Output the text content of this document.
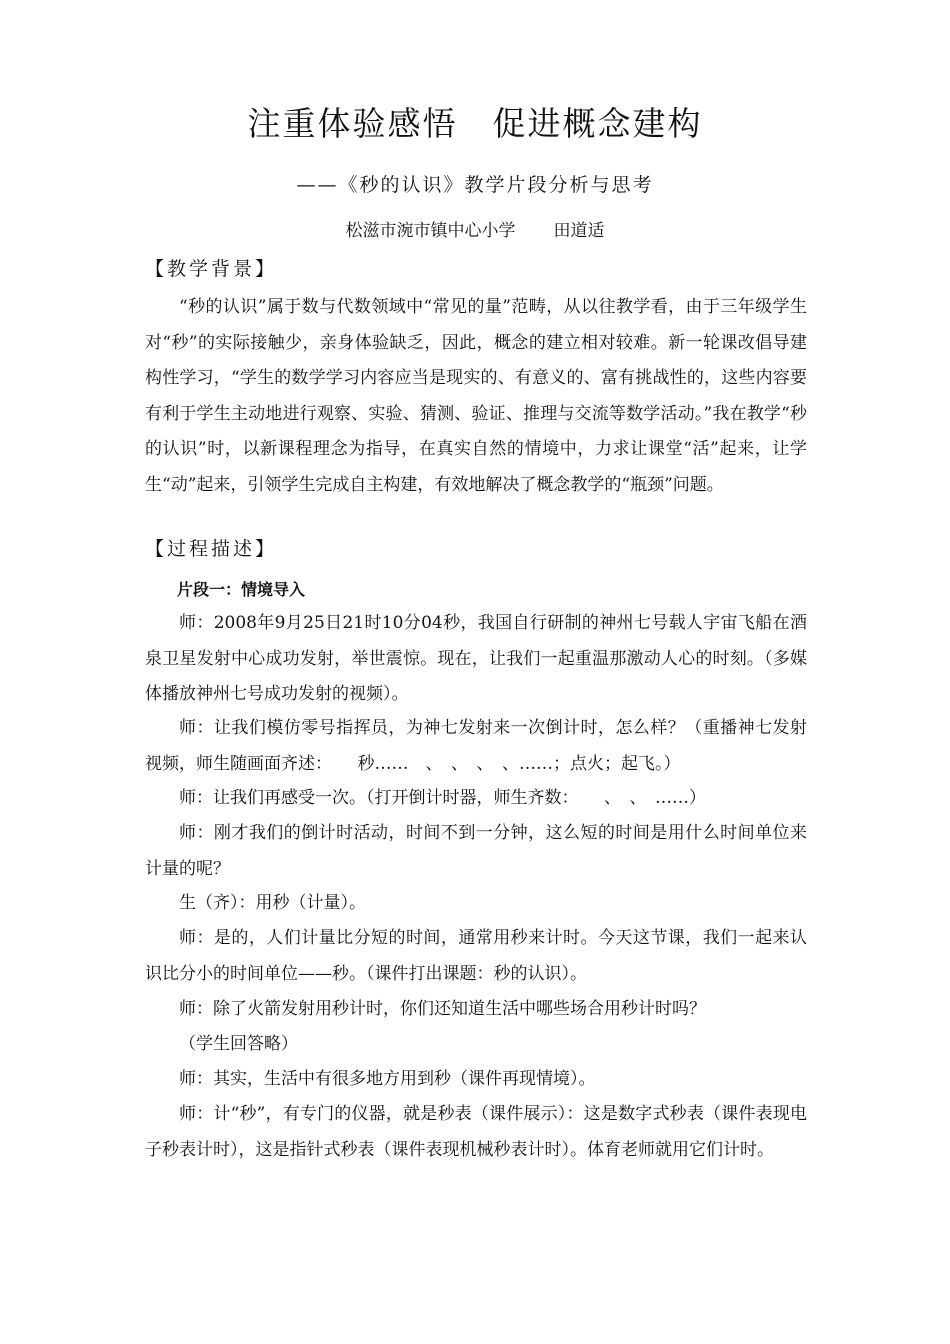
注重体验感悟　促进概念建构
——《秒的认识》教学片段分析与思考
松滋市涴市镇中心小学 田道适
【教学背景】

“秒的认识”属于数与代数领域中“常见的量”范畴，从以往教学看，由于三年级学生对“秒”的实际接触少，亲身体验缺乏，因此，概念的建立相对较难。新一轮课改倡导建构性学习，“学生的数学学习内容应当是现实的、有意义的、富有挑战性的，这些内容要有利于学生主动地进行观察、实验、猜测、验证、推理与交流等数学活动。”我在教学“秒的认识”时，以新课程理念为指导，在真实自然的情境中，力求让课堂“活”起来，让学生“动”起来，引领学生完成自主构建，有效地解决了概念教学的“瓶颈”问题。

【过程描述】

片段一：情境导入

师：2008年9月25日21时10分04秒，我国自行研制的神州七号载人宇宙飞船在酒泉卫星发射中心成功发射，举世震惊。现在，让我们一起重温那激动人心的时刻。（多媒体播放神州七号成功发射的视频）。

师：让我们模仿零号指挥员，为神七发射来一次倒计时，怎么样？（重播神七发射视频，师生随画面齐述：　　秒……　、　、　、　、……；点火；起飞。）

师：让我们再感受一次。（打开倒计时器，师生齐数：　　、　、　……）

师：刚才我们的倒计时活动，时间不到一分钟，这么短的时间是用什么时间单位来计量的呢？

生（齐）：用秒（计量）。

师：是的，人们计量比分短的时间，通常用秒来计时。今天这节课，我们一起来认识比分小的时间单位——秒。（课件打出课题：秒的认识）。

师：除了火箭发射用秒计时，你们还知道生活中哪些场合用秒计时吗？

（学生回答略）

师：其实，生活中有很多地方用到秒（课件再现情境）。

师：计“秒”，有专门的仪器，就是秒表（课件展示）：这是数字式秒表（课件表现电子秒表计时），这是指针式秒表（课件表现机械秒表计时）。体育老师就用它们计时。
